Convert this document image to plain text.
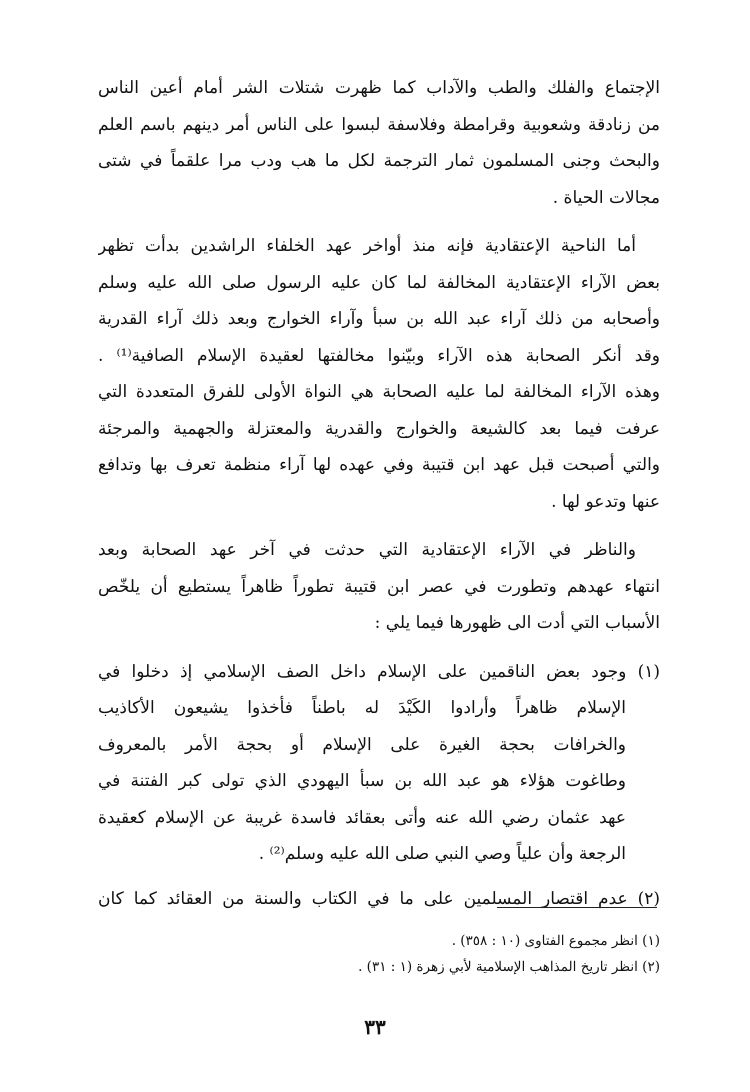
الإجتماع والفلك والطب والآداب كما ظهرت شتلات الشر أمام أعين الناس
من زنادقة وشعوبية وقرامطة وفلاسفة لبسوا على الناس أمر دينهم باسم العلم
والبحث وجنى المسلمون ثمار الترجمة لكل ما هب ودب مرا علقماً في شتى
مجالات الحياة .
أما الناحية الإعتقادية فإنه منذ أواخر عهد الخلفاء الراشدين بدأت تظهر
بعض الآراء الإعتقادية المخالفة لما كان عليه الرسول صلى الله عليه وسلم
وأصحابه من ذلك آراء عبد الله بن سبأ وآراء الخوارج وبعد ذلك آراء القدرية
وقد أنكر الصحابة هذه الآراء وبيّنوا مخالفتها لعقيدة الإسلام الصافية⁽¹⁾ .
وهذه الآراء المخالفة لما عليه الصحابة هي النواة الأولى للفرق المتعددة التي
عرفت فيما بعد كالشيعة والخوارج والقدرية والمعتزلة والجهمية والمرجئة
والتي أصبحت قبل عهد ابن قتيبة وفي عهده لها آراء منظمة تعرف بها وتدافع
عنها وتدعو لها .
والناظر في الآراء الإعتقادية التي حدثت في آخر عهد الصحابة وبعد
انتهاء عهدهم وتطورت في عصر ابن قتيبة تطوراً ظاهراً يستطيع أن يلخّص
الأسباب التي أدت الى ظهورها فيما يلي :
(١) وجود بعض الناقمين على الإسلام داخل الصف الإسلامي إذ دخلوا في
الإسلام ظاهراً وأرادوا الكَيْدَ له باطناً فأخذوا يشيعون الأكاذيب
والخرافات بحجة الغيرة على الإسلام أو بحجة الأمر بالمعروف
وطاغوت هؤلاء هو عبد الله بن سبأ اليهودي الذي تولى كبر الفتنة في
عهد عثمان رضي الله عنه وأتى بعقائد فاسدة غريبة عن الإسلام كعقيدة
الرجعة وأن علياً وصي النبي صلى الله عليه وسلم⁽²⁾ .
(٢) عدم اقتصار المسلمين على ما في الكتاب والسنة من العقائد كما كان
(١) انظر مجموع الفتاوى (١٠ : ٣٥٨) .
(٢) انظر تاريخ المذاهب الإسلامية لأبي زهرة (١ : ٣١) .
٣٣
